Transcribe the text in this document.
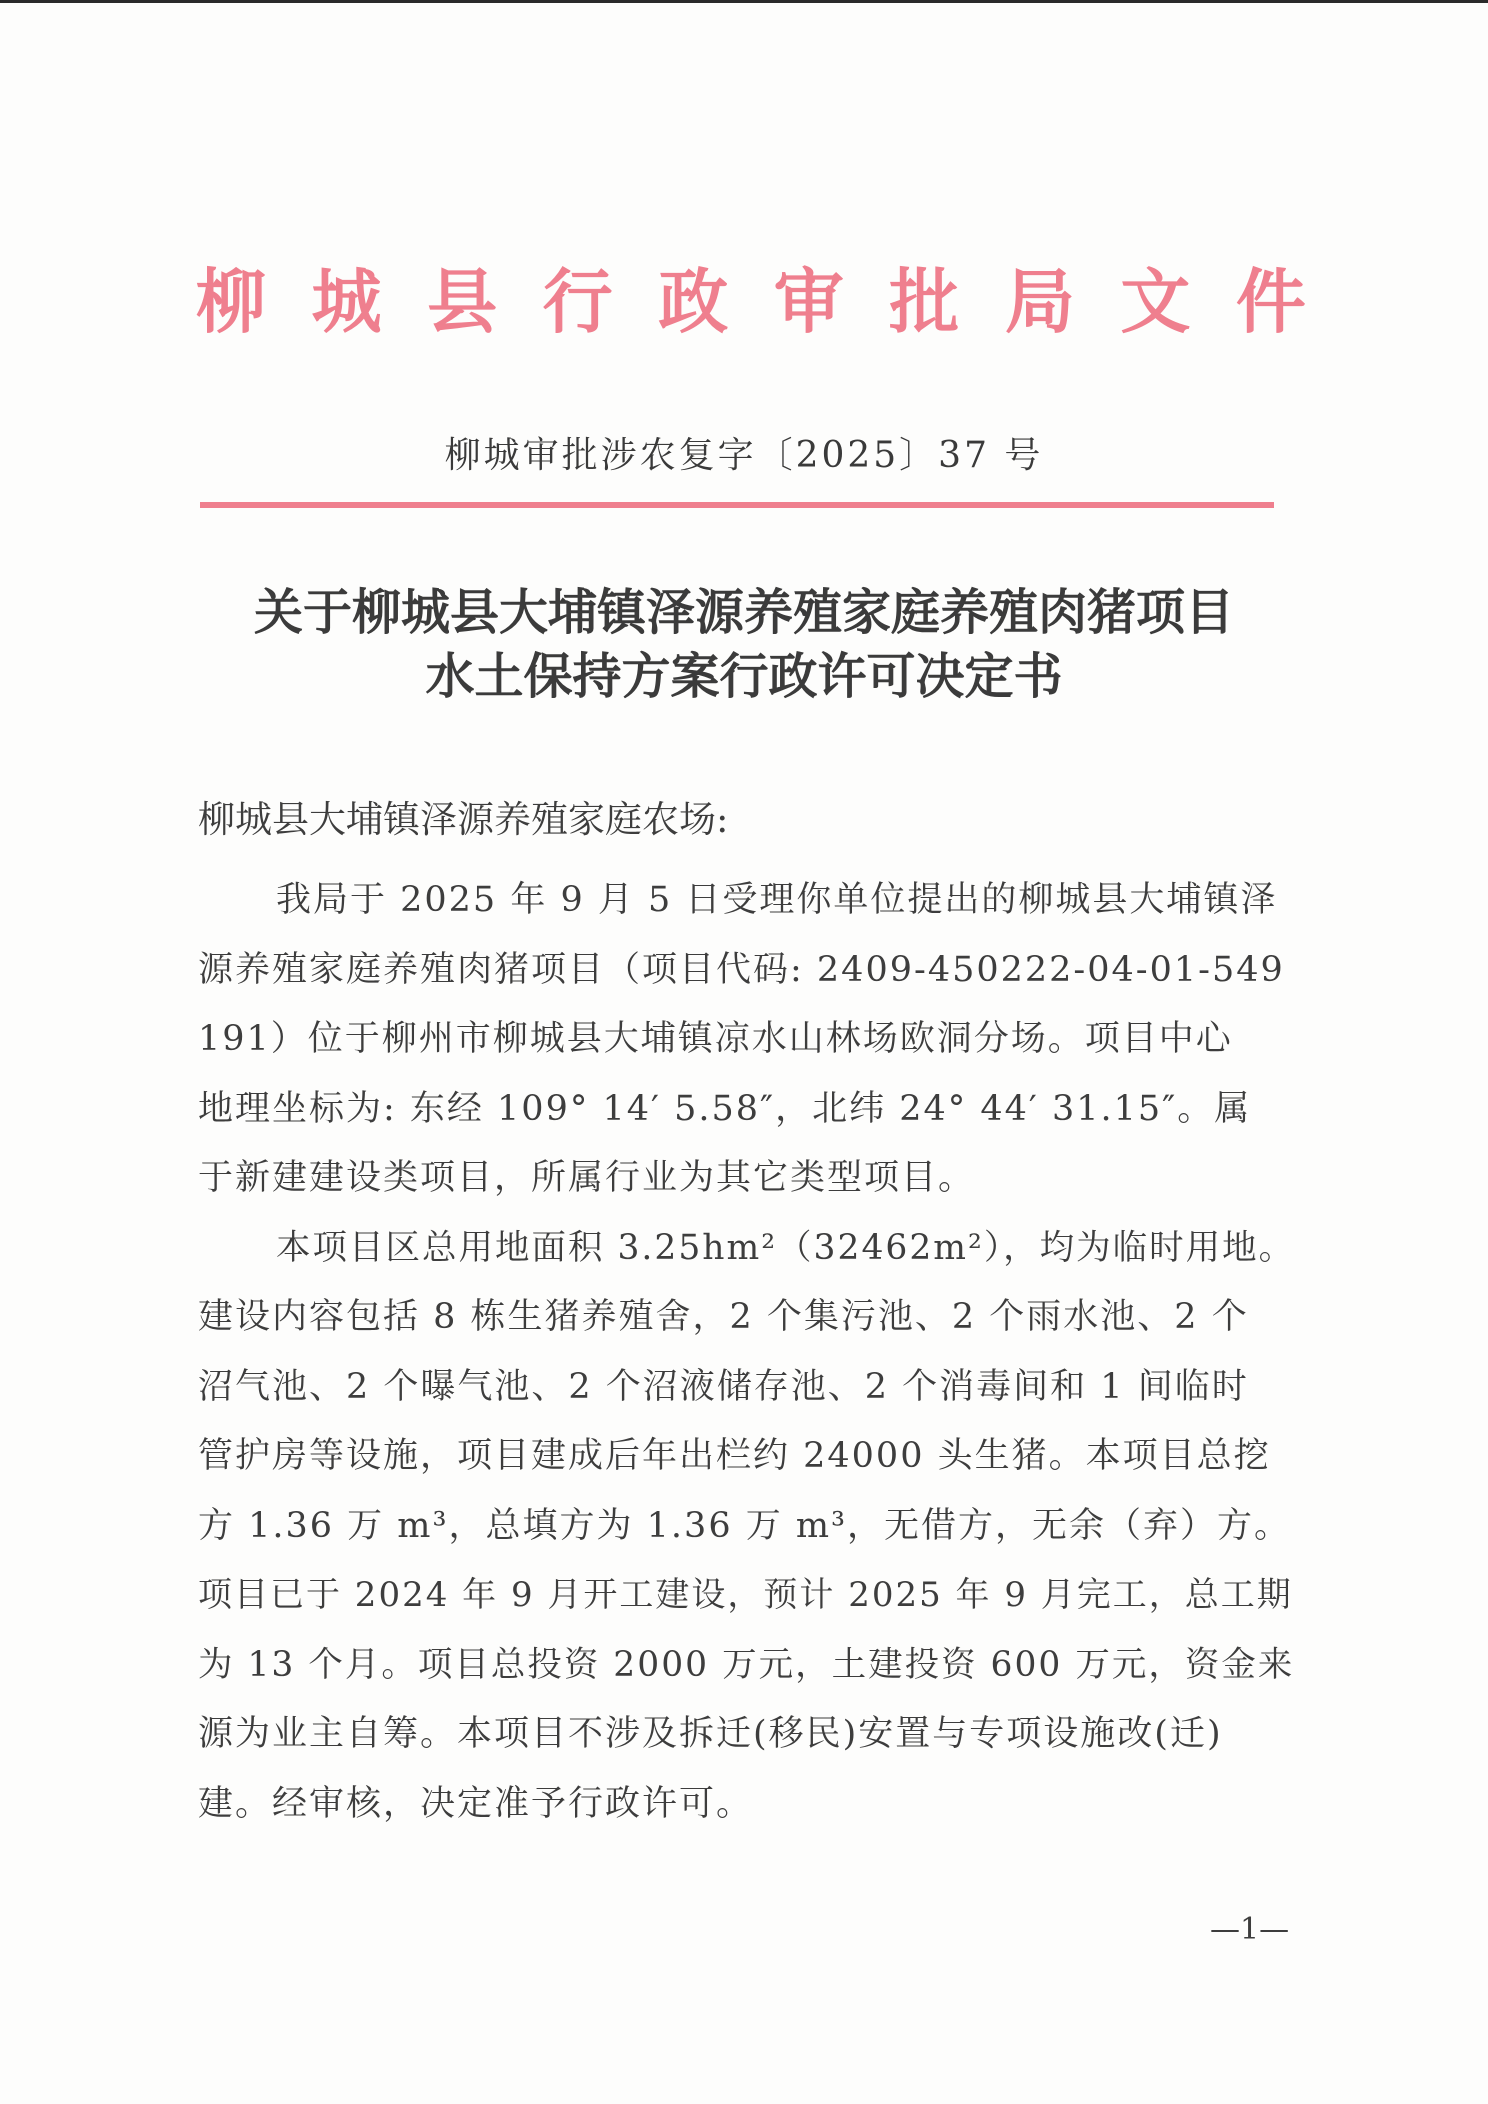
柳 城 县 行 政 审 批 局 文 件
柳城审批涉农复字〔2025〕37 号
关于柳城县大埔镇泽源养殖家庭养殖肉猪项目
水土保持方案行政许可决定书
柳城县大埔镇泽源养殖家庭农场:
我局于 2025 年 9 月 5 日受理你单位提出的柳城县大埔镇泽
源养殖家庭养殖肉猪项目（项目代码: 2409-450222-04-01-549
191）位于柳州市柳城县大埔镇凉水山林场欧洞分场。项目中心
地理坐标为: 东经 109° 14′ 5.58″，北纬 24° 44′ 31.15″。属
于新建建设类项目，所属行业为其它类型项目。
本项目区总用地面积 3.25hm²（32462m²），均为临时用地。
建设内容包括 8 栋生猪养殖舍，2 个集污池、2 个雨水池、2 个
沼气池、2 个曝气池、2 个沼液储存池、2 个消毒间和 1 间临时
管护房等设施，项目建成后年出栏约 24000 头生猪。本项目总挖
方 1.36 万 m³，总填方为 1.36 万 m³，无借方，无余（弃）方。
项目已于 2024 年 9 月开工建设，预计 2025 年 9 月完工，总工期
为 13 个月。项目总投资 2000 万元，土建投资 600 万元，资金来
源为业主自筹。本项目不涉及拆迁(移民)安置与专项设施改(迁)
建。经审核，决定准予行政许可。
—1—
